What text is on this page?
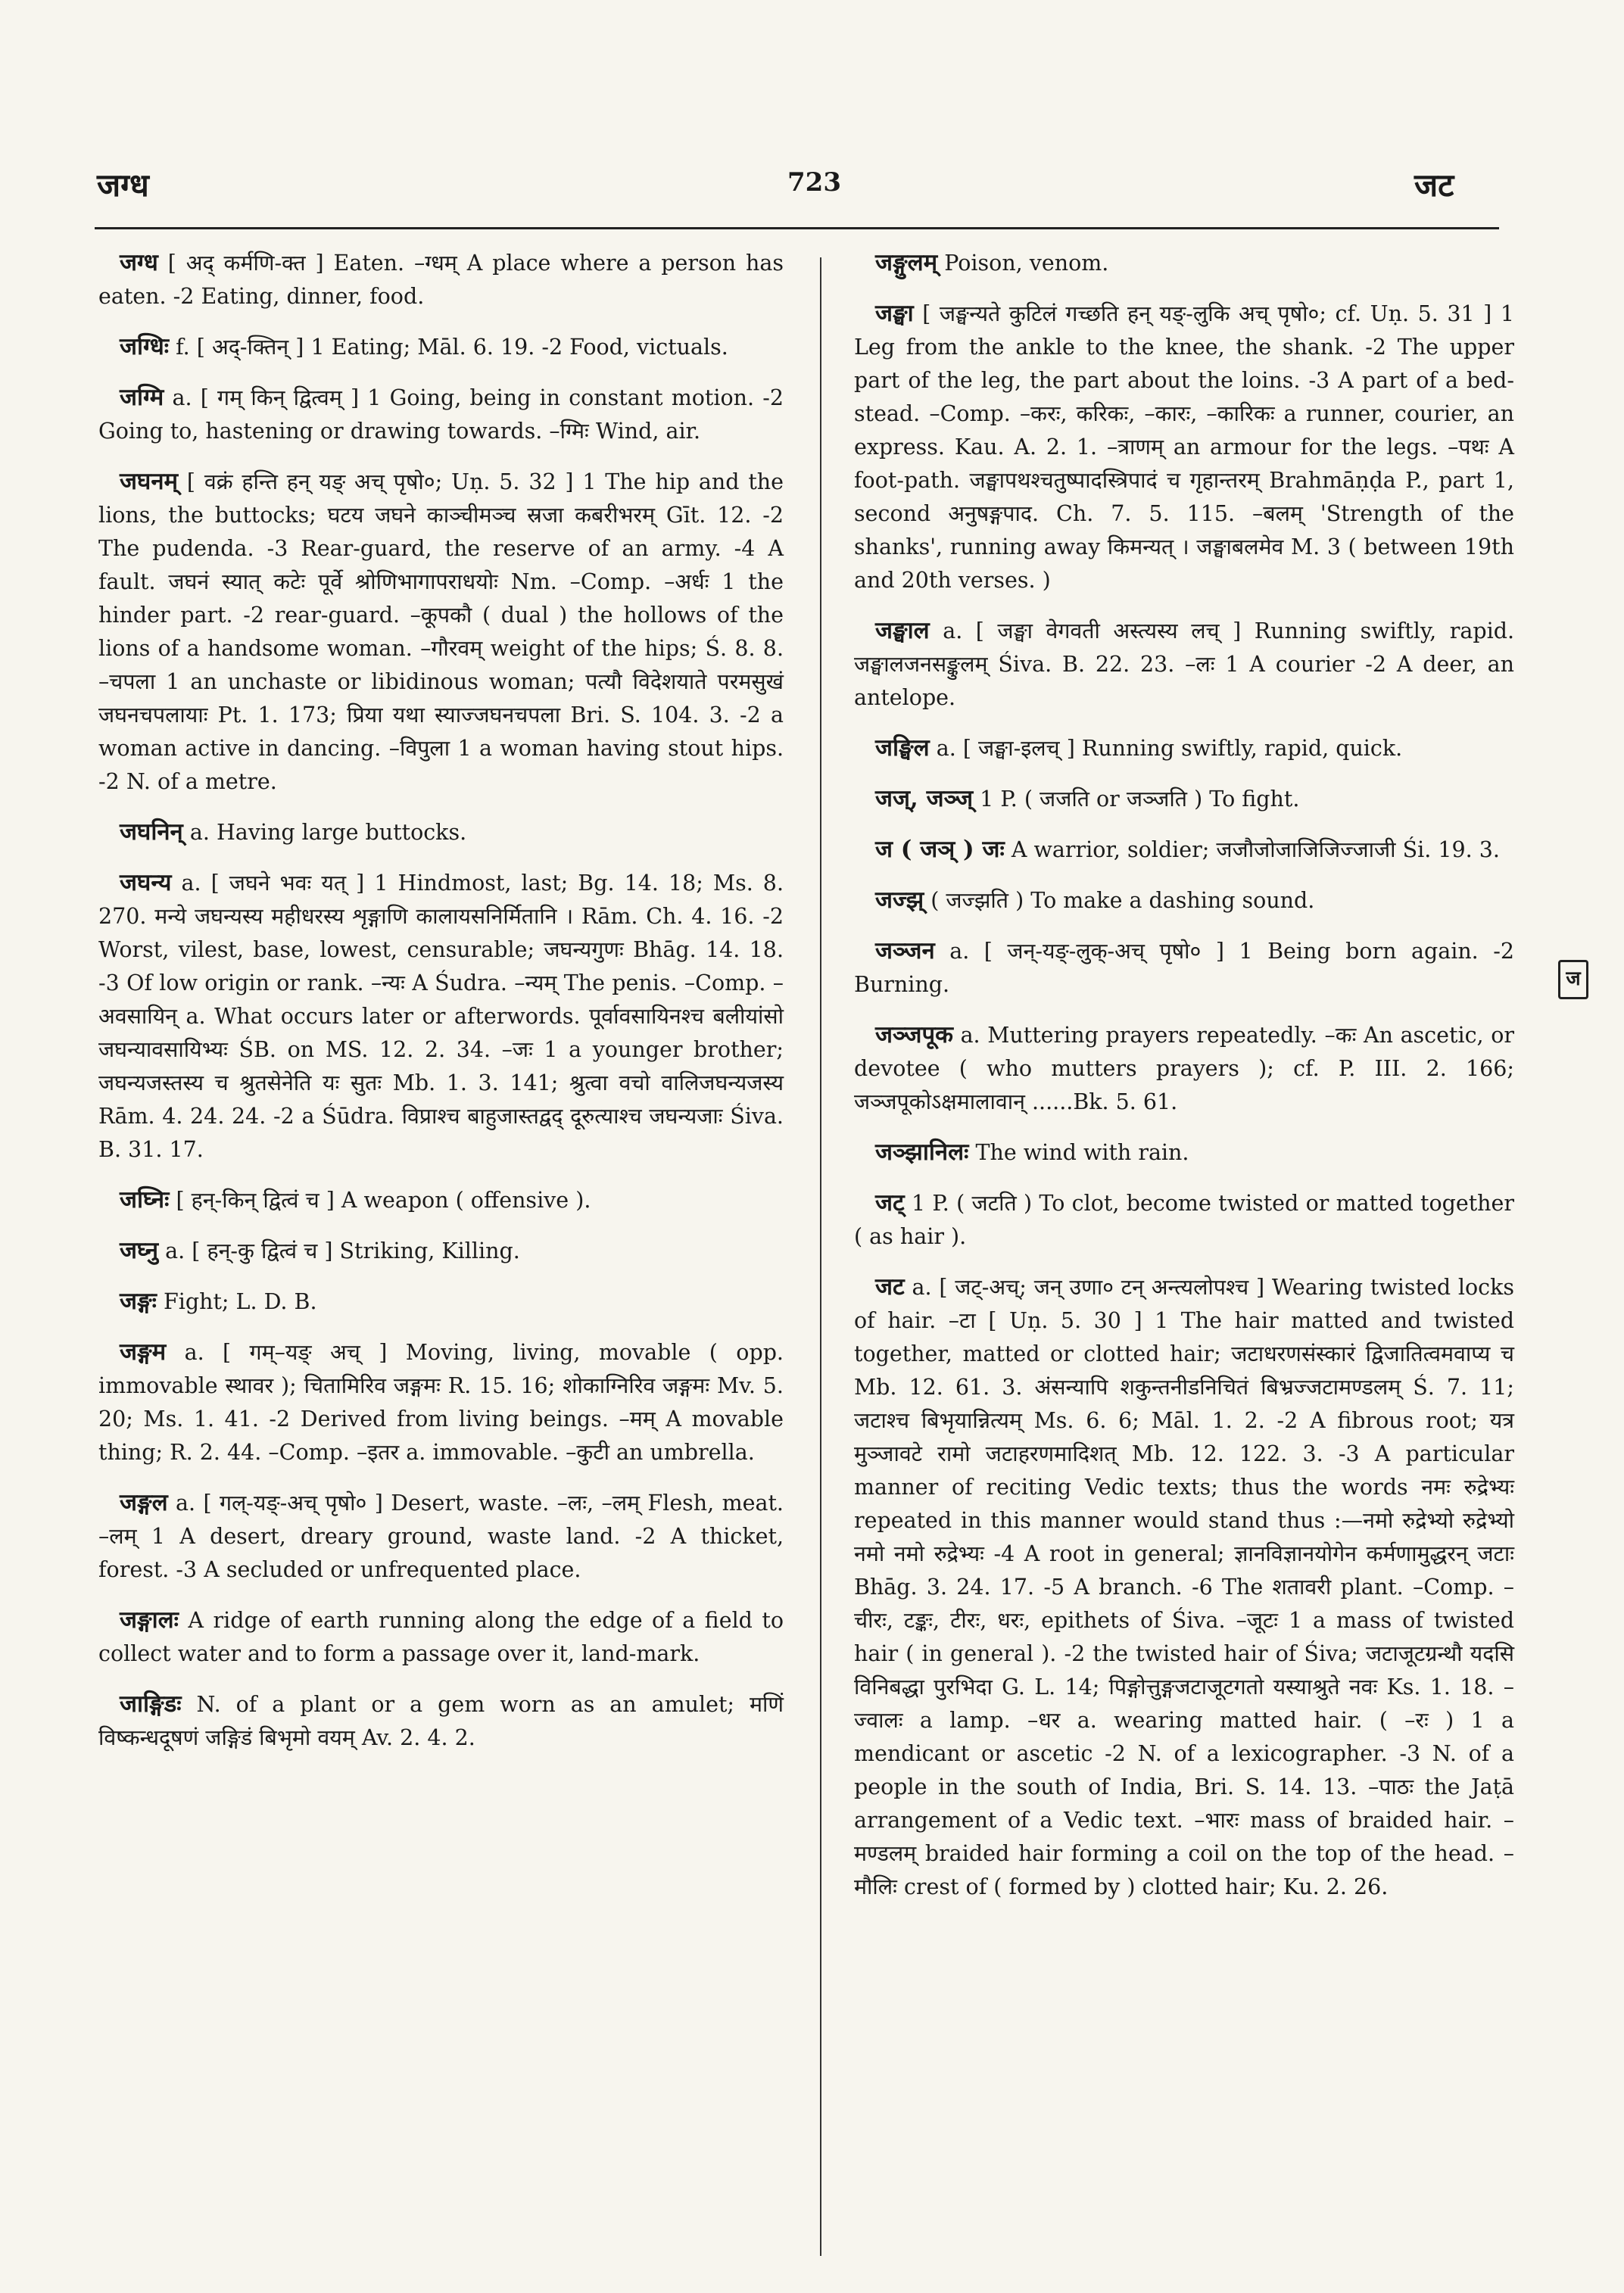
जग्ध	723	जट

जग्ध [ अद् कर्मणि-क्त ] Eaten. –ग्धम् A place where a person has eaten. -2 Eating, dinner, food.

जग्धिः f. [ अद्-क्तिन् ] 1 Eating; Māl. 6. 19. -2 Food, victuals.

जग्मि a. [ गम् किन् द्वित्वम् ] 1 Going, being in constant motion. -2 Going to, hastening or drawing towards. –ग्मिः Wind, air.

जघनम् [ वक्रं हन्ति हन् यङ् अच् पृषो०; Uṇ. 5. 32 ] 1 The hip and the lions, the buttocks; घटय जघने काञ्चीमञ्च स्रजा कबरीभरम् Gīt. 12. -2 The pudenda. -3 Rear-guard, the reserve of an army. -4 A fault. जघनं स्यात् कटेः पूर्वे श्रोणिभागापराधयोः Nm. –Comp. –अर्धः 1 the hinder part. -2 rear-guard. –कूपकौ ( dual ) the hollows of the lions of a handsome woman. –गौरवम् weight of the hips; Ś. 8. 8. –चपला 1 an unchaste or libidinous woman; पत्यौ विदेशयाते परमसुखं जघनचपलायाः Pt. 1. 173; प्रिया यथा स्याज्जघनचपला Bri. S. 104. 3. -2 a woman active in dancing. –विपुला 1 a woman having stout hips. -2 N. of a metre.

जघनिन् a. Having large buttocks.

जघन्य a. [ जघने भवः यत् ] 1 Hindmost, last; Bg. 14. 18; Ms. 8. 270. मन्ये जघन्यस्य महीधरस्य शृङ्गाणि कालायसनिर्मितानि । Rām. Ch. 4. 16. -2 Worst, vilest, base, lowest, censurable; जघन्यगुणः Bhāg. 14. 18. -3 Of low origin or rank. –न्यः A Śudra. –न्यम् The penis. –Comp. –अवसायिन् a. What occurs later or afterwords. पूर्वावसायिनश्च बलीयांसो जघन्यावसायिभ्यः ŚB. on MS. 12. 2. 34. –जः 1 a younger brother; जघन्यजस्तस्य च श्रुतसेनेति यः सुतः Mb. 1. 3. 141; श्रुत्वा वचो वालिजघन्यजस्य Rām. 4. 24. 24. -2 a Śūdra. विप्राश्च बाहुजास्तद्वद् दूरुत्याश्च जघन्यजाः Śiva. B. 31. 17.

जघ्निः [ हन्-किन् द्वित्वं च ] A weapon ( offensive ).

जघ्नु a. [ हन्-कु द्वित्वं च ] Striking, Killing.

जङ्गः Fight; L. D. B.

जङ्गम a. [ गम्–यङ् अच् ] Moving, living, movable ( opp. immovable स्थावर ); चितामिरिव जङ्गमः R. 15. 16; शोकाग्निरिव जङ्गमः Mv. 5. 20; Ms. 1. 41. -2 Derived from living beings. –मम् A movable thing; R. 2. 44. –Comp. –इतर a. immovable. –कुटी an umbrella.

जङ्गल a. [ गल्-यङ्-अच् पृषो० ] Desert, waste. –लः, –लम् Flesh, meat. –लम् 1 A desert, dreary ground, waste land. -2 A thicket, forest. -3 A secluded or unfrequented place.

जङ्गालः A ridge of earth running along the edge of a field to collect water and to form a passage over it, land-mark.

जाङ्गिडः N. of a plant or a gem worn as an amulet; मणिं विष्कन्धदूषणं जङ्गिडं बिभृमो वयम् Av. 2. 4. 2.

जङ्गुलम् Poison, venom.

जङ्घा [ जङ्घन्यते कुटिलं गच्छति हन् यङ्-लुकि अच् पृषो०; cf. Uṇ. 5. 31 ] 1 Leg from the ankle to the knee, the shank. -2 The upper part of the leg, the part about the loins. -3 A part of a bed-stead. –Comp. –करः, करिकः, –कारः, –कारिकः a runner, courier, an express. Kau. A. 2. 1. –त्राणम् an armour for the legs. –पथः A foot-path. जङ्घापथश्चतुष्पादस्त्रिपादं च गृहान्तरम् Brahmāṇḍa P., part 1, second अनुषङ्गपाद. Ch. 7. 5. 115. –बलम् 'Strength of the shanks', running away किमन्यत् । जङ्घाबलमेव M. 3 ( between 19th and 20th verses. )

जङ्घाल a. [ जङ्घा वेगवती अस्त्यस्य लच् ] Running swiftly, rapid. जङ्घालजनसङ्कुलम् Śiva. B. 22. 23. –लः 1 A courier -2 A deer, an antelope.

जङ्घिल a. [ जङ्घा-इलच् ] Running swiftly, rapid, quick.

जज्, जञ्ज् 1 P. ( जजति or जञ्जति ) To fight.

ज ( जञ् ) जः A warrior, soldier; जजौजोजाजिजिज्जाजी Śi. 19. 3.

जज्झ् ( जज्झति ) To make a dashing sound.

जञ्जन a. [ जन्-यङ्-लुक्-अच् पृषो० ] 1 Being born again. -2 Burning.

जञ्जपूक a. Muttering prayers repeatedly. –कः An ascetic, or devotee ( who mutters prayers ); cf. P. III. 2. 166; जञ्जपूकोऽक्षमालावान् ......Bk. 5. 61.

जञ्झानिलः The wind with rain.

जट् 1 P. ( जटति ) To clot, become twisted or matted together ( as hair ).

जट a. [ जट्-अच्; जन् उणा० टन् अन्त्यलोपश्च ] Wearing twisted locks of hair. –टा [ Uṇ. 5. 30 ] 1 The hair matted and twisted together, matted or clotted hair; जटाधरणसंस्कारं द्विजातित्वमवाप्य च Mb. 12. 61. 3. अंसन्यापि शकुन्तनीडनिचितं बिभ्रज्जटामण्डलम् Ś. 7. 11; जटाश्च बिभृयान्नित्यम् Ms. 6. 6; Māl. 1. 2. -2 A fibrous root; यत्र मुञ्जावटे रामो जटाहरणमादिशत् Mb. 12. 122. 3. -3 A particular manner of reciting Vedic texts; thus the words नमः रुद्रेभ्यः repeated in this manner would stand thus :—नमो रुद्रेभ्यो रुद्रेभ्यो नमो नमो रुद्रेभ्यः -4 A root in general; ज्ञानविज्ञानयोगेन कर्मणामुद्धरन् जटाः Bhāg. 3. 24. 17. -5 A branch. -6 The शतावरी plant. –Comp. –चीरः, टङ्कः, टीरः, धरः, epithets of Śiva. –जूटः 1 a mass of twisted hair ( in general ). -2 the twisted hair of Śiva; जटाजूटग्रन्थौ यदसि विनिबद्धा पुरभिदा G. L. 14; पिङ्गोत्तुङ्गजटाजूटगतो यस्याश्रुते नवः Ks. 1. 18. –ज्वालः a lamp. –धर a. wearing matted hair. ( –रः ) 1 a mendicant or ascetic -2 N. of a lexicographer. -3 N. of a people in the south of India, Bri. S. 14. 13. –पाठः the Jaṭā arrangement of a Vedic text. –भारः mass of braided hair. –मण्डलम् braided hair forming a coil on the top of the head. –मौलिः crest of ( formed by ) clotted hair; Ku. 2. 26.

ज
